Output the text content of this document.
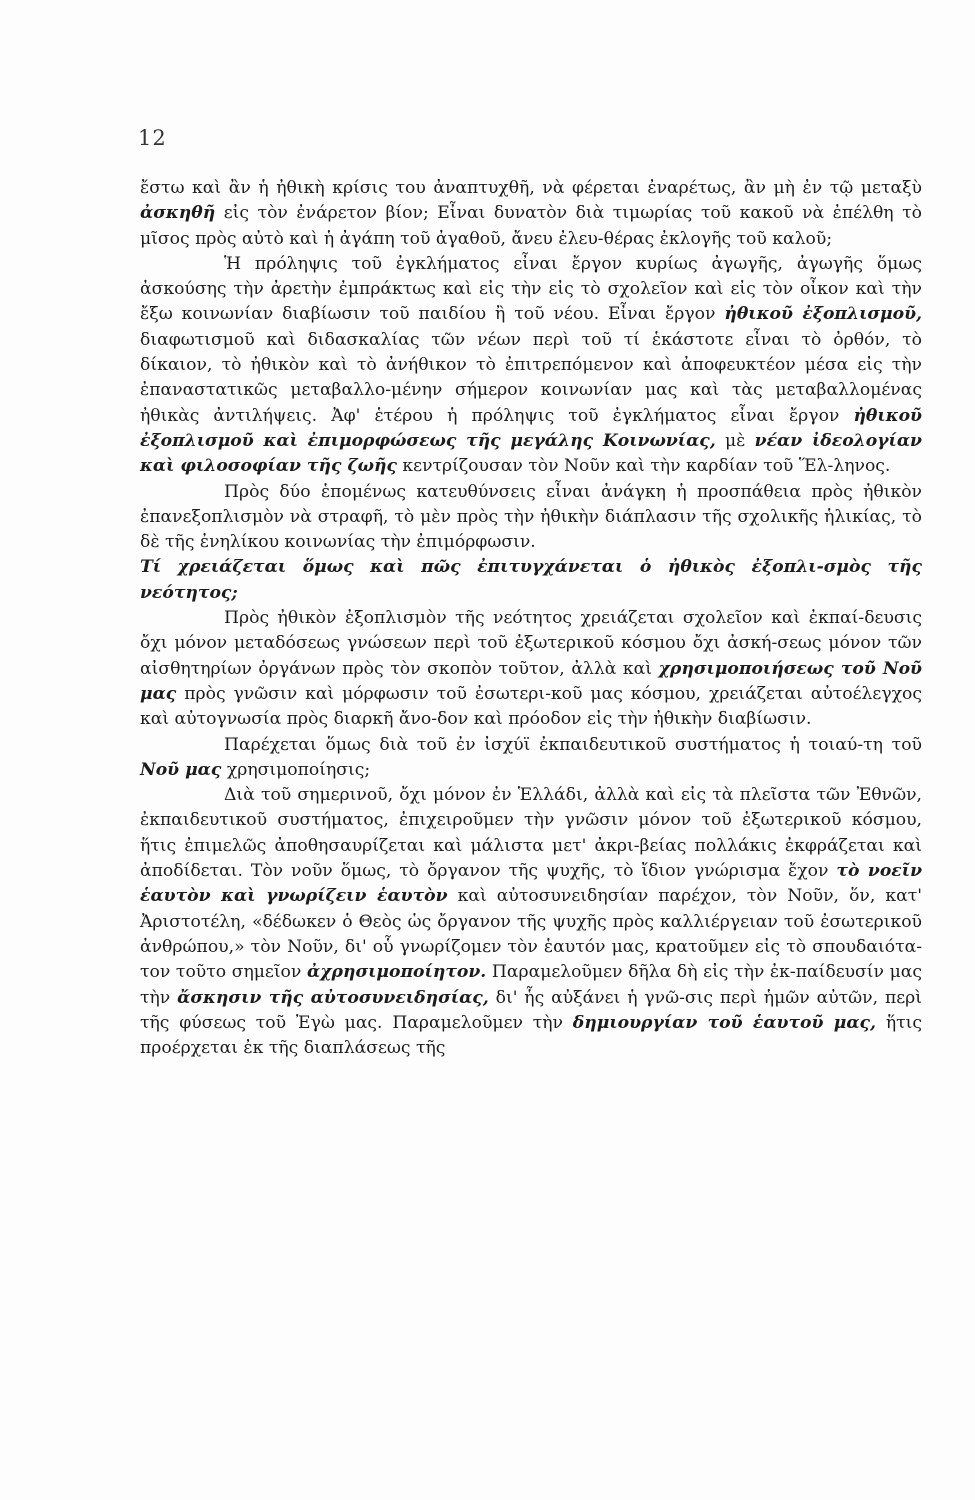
12

ἔστω καὶ ἂν ἡ ἠθικὴ κρίσις του ἀναπτυχθῆ, νὰ φέρεται ἐναρέτως, ἂν μὴ ἐν τῷ μεταξὺ ἀσκηθῆ εἰς τὸν ἐνάρετον βίον; Εἶναι δυνατὸν διὰ τιμωρίας τοῦ κακοῦ νὰ ἐπέλθη τὸ μῖσος πρὸς αὐτὸ καὶ ἡ ἀγάπη τοῦ ἀγαθοῦ, ἄνευ ἐλευ-θέρας ἐκλογῆς τοῦ καλοῦ;

Ἡ πρόληψις τοῦ ἐγκλήματος εἶναι ἔργον κυρίως ἀγωγῆς, ἀγωγῆς ὅμως ἀσκούσης τὴν ἀρετὴν ἐμπράκτως καὶ εἰς τὴν εἰς τὸ σχολεῖον καὶ εἰς τὸν οἶκον καὶ τὴν ἔξω κοινωνίαν διαβίωσιν τοῦ παιδίου ἢ τοῦ νέου. Εἶναι ἔργον ἠθικοῦ ἐξοπλισμοῦ, διαφωτισμοῦ καὶ διδασκαλίας τῶν νέων περὶ τοῦ τί ἑκάστοτε εἶναι τὸ ὀρθόν, τὸ δίκαιον, τὸ ἠθικὸν καὶ τὸ ἀνήθικον τὸ ἐπιτρεπόμενον καὶ ἀποφευκτέον μέσα εἰς τὴν ἐπαναστατικῶς μεταβαλλο-μένην σήμερον κοινωνίαν μας καὶ τὰς μεταβαλλομένας ἠθικὰς ἀντιλήψεις. Ἀφ' ἑτέρου ἡ πρόληψις τοῦ ἐγκλήματος εἶναι ἔργον ἠθικοῦ ἐξοπλισμοῦ καὶ ἐπιμορφώσεως τῆς μεγάλης Κοινωνίας, μὲ νέαν ἰδεολογίαν καὶ φιλοσοφίαν τῆς ζωῆς κεντρίζουσαν τὸν Νοῦν καὶ τὴν καρδίαν τοῦ Ἕλ-ληνος.

Πρὸς δύο ἑπομένως κατευθύνσεις εἶναι ἀνάγκη ἡ προσπάθεια πρὸς ἠθικὸν ἐπανεξοπλισμὸν νὰ στραφῆ, τὸ μὲν πρὸς τὴν ἠθικὴν διάπλασιν τῆς σχολικῆς ἡλικίας, τὸ δὲ τῆς ἐνηλίκου κοινωνίας τὴν ἐπιμόρφωσιν.

Τί χρειάζεται ὅμως καὶ πῶς ἐπιτυγχάνεται ὁ ἠθικὸς ἐξοπλι-σμὸς τῆς νεότητος;

Πρὸς ἠθικὸν ἐξοπλισμὸν τῆς νεότητος χρειάζεται σχολεῖον καὶ ἐκπαί-δευσις ὄχι μόνον μεταδόσεως γνώσεων περὶ τοῦ ἐξωτερικοῦ κόσμου ὄχι ἀσκή-σεως μόνον τῶν αἰσθητηρίων ὀργάνων πρὸς τὸν σκοπὸν τοῦτον, ἀλλὰ καὶ χρησιμοποιήσεως τοῦ Νοῦ μας πρὸς γνῶσιν καὶ μόρφωσιν τοῦ ἐσωτερι-κοῦ μας κόσμου, χρειάζεται αὐτοέλεγχος καὶ αὐτογνωσία πρὸς διαρκῆ ἄνο-δον καὶ πρόοδον εἰς τὴν ἠθικὴν διαβίωσιν.

Παρέχεται ὅμως διὰ τοῦ ἐν ἰσχύϊ ἐκπαιδευτικοῦ συστήματος ἡ τοιαύ-τη τοῦ Νοῦ μας χρησιμοποίησις;

Διὰ τοῦ σημερινοῦ, ὄχι μόνον ἐν Ἑλλάδι, ἀλλὰ καὶ εἰς τὰ πλεῖστα τῶν Ἐθνῶν, ἐκπαιδευτικοῦ συστήματος, ἐπιχειροῦμεν τὴν γνῶσιν μόνον τοῦ ἐξωτερικοῦ κόσμου, ἥτις ἐπιμελῶς ἀποθησαυρίζεται καὶ μάλιστα μετ' ἀκρι-βείας πολλάκις ἐκφράζεται καὶ ἀποδίδεται. Τὸν νοῦν ὅμως, τὸ ὄργανον τῆς ψυχῆς, τὸ ἴδιον γνώρισμα ἔχον τὸ νοεῖν ἑαυτὸν καὶ γνωρίζειν ἑαυτὸν καὶ αὐτοσυνειδησίαν παρέχον, τὸν Νοῦν, ὅν, κατ' Ἀριστοτέλη, «δέδωκεν ὁ Θεὸς ὡς ὄργανον τῆς ψυχῆς πρὸς καλλιέργειαν τοῦ ἐσωτερικοῦ ἀνθρώπου,» τὸν Νοῦν, δι' οὗ γνωρίζομεν τὸν ἑαυτόν μας, κρατοῦμεν εἰς τὸ σπουδαιότα-τον τοῦτο σημεῖον ἀχρησιμοποίητον. Παραμελοῦμεν δῆλα δὴ εἰς τὴν ἐκ-παίδευσίν μας τὴν ἄσκησιν τῆς αὐτοσυνειδησίας, δι' ἧς αὐξάνει ἡ γνῶ-σις περὶ ἡμῶν αὐτῶν, περὶ τῆς φύσεως τοῦ Ἐγὼ μας. Παραμελοῦμεν τὴν δημιουργίαν τοῦ ἑαυτοῦ μας, ἥτις προέρχεται ἐκ τῆς διαπλάσεως τῆς
